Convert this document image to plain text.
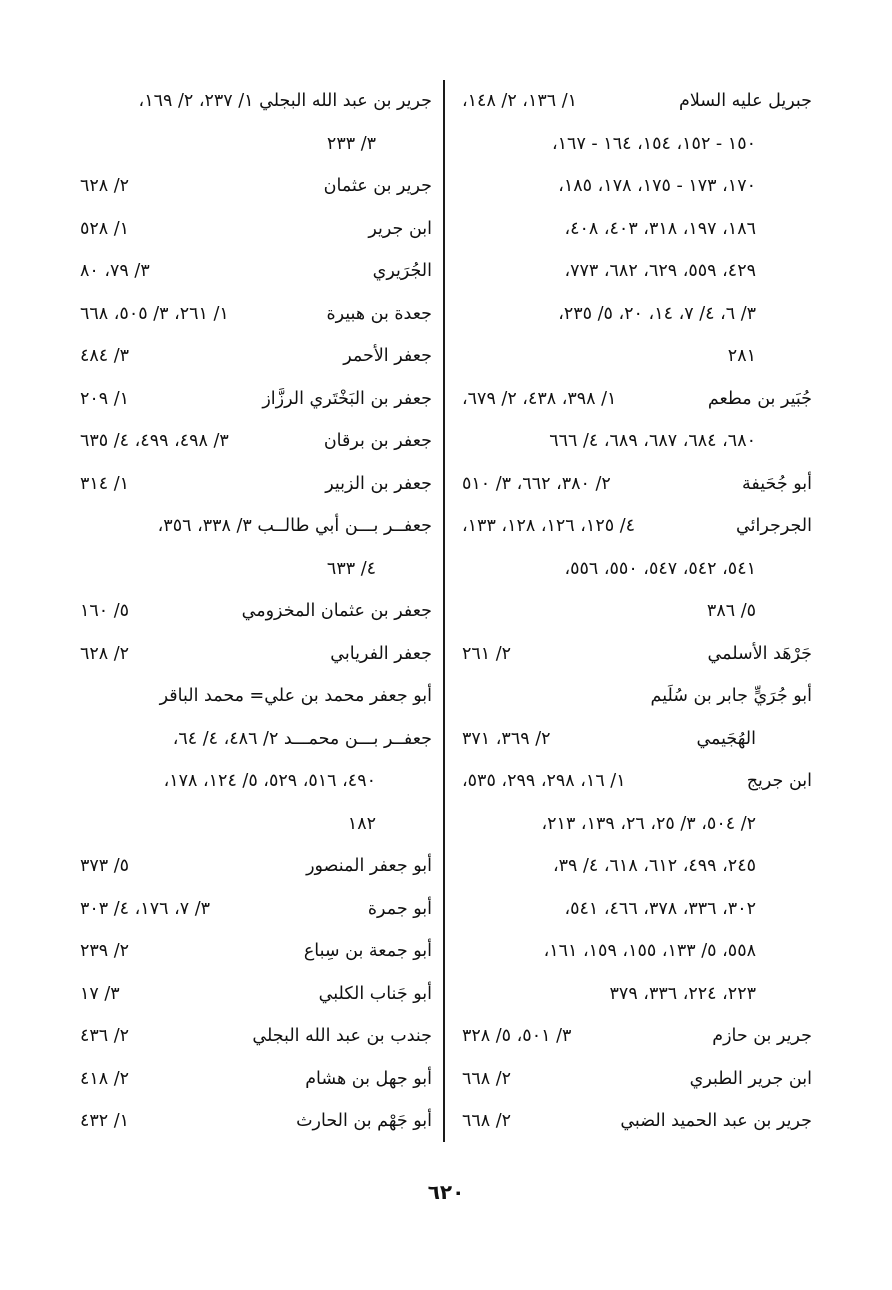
جبريل عليه السلام
١/ ١٣٦، ٢/ ١٤٨،
١٥٠ - ١٥٢، ١٥٤، ١٦٤ - ١٦٧،
١٧٠، ١٧٣ - ١٧٥، ١٧٨، ١٨٥،
١٨٦، ١٩٧، ٣١٨، ٤٠٣، ٤٠٨،
٤٢٩، ٥٥٩، ٦٢٩، ٦٨٢، ٧٧٣،
٣/ ٦، ٤/ ٧، ١٤، ٢٠، ٥/ ٢٣٥،
٢٨١
جُبَير بن مطعم
١/ ٣٩٨، ٤٣٨، ٢/ ٦٧٩،
٦٨٠، ٦٨٤، ٦٨٧، ٦٨٩، ٤/ ٦٦٦
أبو جُحَيفة
٢/ ٣٨٠، ٦٦٢، ٣/ ٥١٠
الجرجرائي
٤/ ١٢٥، ١٢٦، ١٢٨، ١٣٣،
٥٤١، ٥٤٢، ٥٤٧، ٥٥٠، ٥٥٦،
٥/ ٣٨٦
جَرْهَد الأسلمي
٢/ ٢٦١
أبو جُرَيٍّ جابر بن سُلَيم
الهُجَيمي
٢/ ٣٦٩، ٣٧١
ابن جريج
١/ ١٦، ٢٩٨، ٢٩٩، ٥٣٥،
٢/ ٥٠٤، ٣/ ٢٥، ٢٦، ١٣٩، ٢١٣،
٢٤٥، ٤٩٩، ٦١٢، ٦١٨، ٤/ ٣٩،
٣٠٢، ٣٣٦، ٣٧٨، ٤٦٦، ٥٤١،
٥٥٨، ٥/ ١٣٣، ١٥٥، ١٥٩، ١٦١،
٢٢٣، ٢٢٤، ٣٣٦، ٣٧٩
جرير بن حازم
٣/ ٥٠١، ٥/ ٣٢٨
ابن جرير الطبري
٢/ ٦٦٨
جرير بن عبد الحميد الضبي
٢/ ٦٦٨
جرير بن عبد الله البجلي ١/ ٢٣٧، ٢/ ١٦٩،
٣/ ٢٣٣
جرير بن عثمان
٢/ ٦٢٨
ابن جرير
١/ ٥٢٨
الجُرَيري
٣/ ٧٩، ٨٠
جعدة بن هبيرة
١/ ٢٦١، ٣/ ٥٠٥، ٦٦٨
جعفر الأحمر
٣/ ٤٨٤
جعفر بن البَخْتَري الرزَّاز
١/ ٢٠٩
جعفر بن برقان
٣/ ٤٩٨، ٤٩٩، ٤/ ٦٣٥
جعفر بن الزبير
١/ ٣١٤
جعفــر بـــن أبي طالــب ٣/ ٣٣٨، ٣٥٦،
٤/ ٦٣٣
جعفر بن عثمان المخزومي
٥/ ١٦٠
جعفر الفريابي
٢/ ٦٢٨
أبو جعفر محمد بن علي= محمد الباقر
جعفــر بـــن محمـــد ٢/ ٤٨٦، ٤/ ٦٤،
٤٩٠، ٥١٦، ٥٢٩، ٥/ ١٢٤، ١٧٨،
١٨٢
أبو جعفر المنصور
٥/ ٣٧٣
أبو جمرة
٣/ ٧، ١٧٦، ٤/ ٣٠٣
أبو جمعة بن سِباع
٢/ ٢٣٩
أبو جَناب الكلبي
٣/ ١٧
جندب بن عبد الله البجلي
٢/ ٤٣٦
أبو جهل بن هشام
٢/ ٤١٨
أبو جَهْم بن الحارث
١/ ٤٣٢
٦٢٠
